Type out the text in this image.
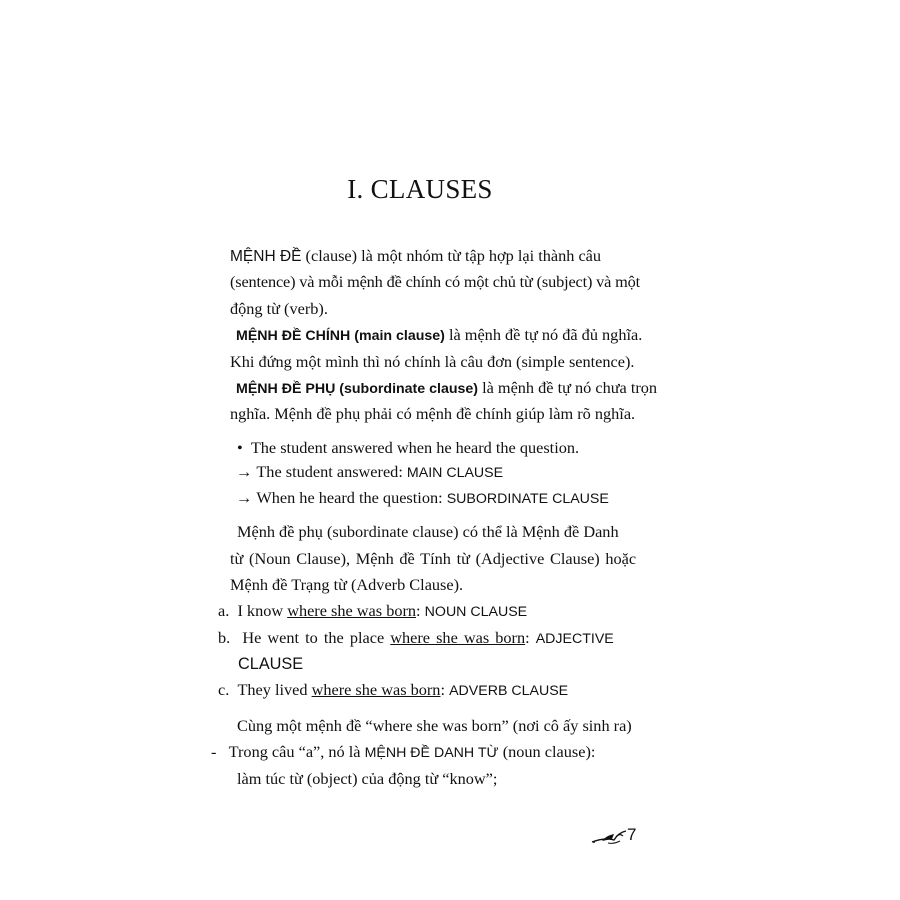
I. CLAUSES
MỆNH ĐỀ (clause) là một nhóm từ tập hợp lại thành câu
(sentence) và mỗi mệnh đề chính có một chủ từ (subject) và một
động từ (verb).
MỆNH ĐỀ CHÍNH (main clause) là mệnh đề tự nó đã đủ nghĩa.
Khi đứng một mình thì nó chính là câu đơn (simple sentence).
MỆNH ĐỀ PHỤ (subordinate clause) là mệnh đề tự nó chưa trọn
nghĩa. Mệnh đề phụ phải có mệnh đề chính giúp làm rõ nghĩa.
• The student answered when he heard the question.
→ The student answered: MAIN CLAUSE
→ When he heard the question: SUBORDINATE CLAUSE
Mệnh đề phụ (subordinate clause) có thể là Mệnh đề Danh
từ (Noun Clause), Mệnh đề Tính từ (Adjective Clause) hoặc
Mệnh đề Trạng từ (Adverb Clause).
a. I know where she was born: NOUN CLAUSE
b. He went to the place where she was born: ADJECTIVE
CLAUSE
c. They lived where she was born: ADVERB CLAUSE
Cùng một mệnh đề “where she was born” (nơi cô ấy sinh ra)
- Trong câu “a”, nó là MỆNH ĐỀ DANH TỪ (noun clause):
làm túc từ (object) của động từ “know”;
7
